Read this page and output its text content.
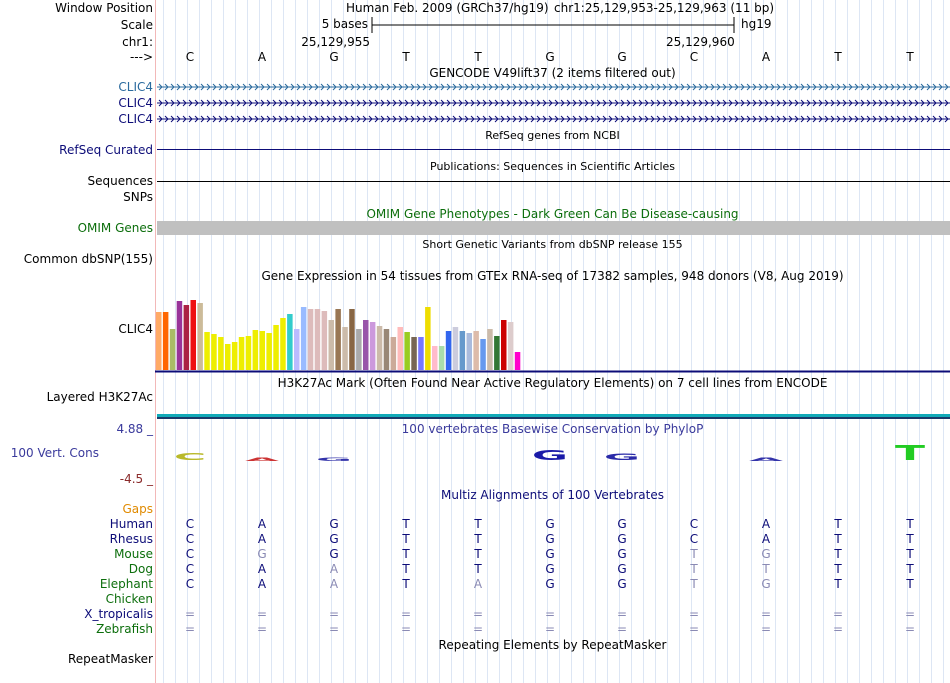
Window Position	Human Feb. 2009 (GRCh37/hg19) chr1:25,129,953-25,129,963 (11 bp)
Scale	5 bases	hg19
chr1:	25,129,955	25,129,960
--->	C	A	G	T	T	G	G	C	A	T	T
GENCODE V49lift37 (2 items filtered out)
CLIC4
CLIC4
CLIC4
RefSeq genes from NCBI
RefSeq Curated
Publications: Sequences in Scientific Articles
Sequences
SNPs
OMIM Gene Phenotypes - Dark Green Can Be Disease-causing
OMIM Genes
Short Genetic Variants from dbSNP release 155
Common dbSNP(155)
Gene Expression in 54 tissues from GTEx RNA-seq of 17382 samples, 948 donors (V8, Aug 2019)
CLIC4
H3K27Ac Mark (Often Found Near Active Regulatory Elements) on 7 cell lines from ENCODE
Layered H3K27Ac
4.88 _	100 vertebrates Basewise Conservation by PhyloP
100 Vert. Cons
-4.5 _
C A G	G G	A	T
Multiz Alignments of 100 Vertebrates
Gaps
Human	C	A	G	T	T	G	G	C	A	T	T
Rhesus	C	A	G	T	T	G	G	C	A	T	T
Mouse	C	G	G	T	T	G	G	T	G	T	T
Dog	C	A	A	T	T	G	G	T	T	T	T
Elephant	C	A	A	T	A	G	G	T	G	T	T
Chicken
X_tropicalis	=	=	=	=	=	=	=	=	=	=	=
Zebrafish	=	=	=	=	=	=	=	=	=	=	=
Repeating Elements by RepeatMasker
RepeatMasker
